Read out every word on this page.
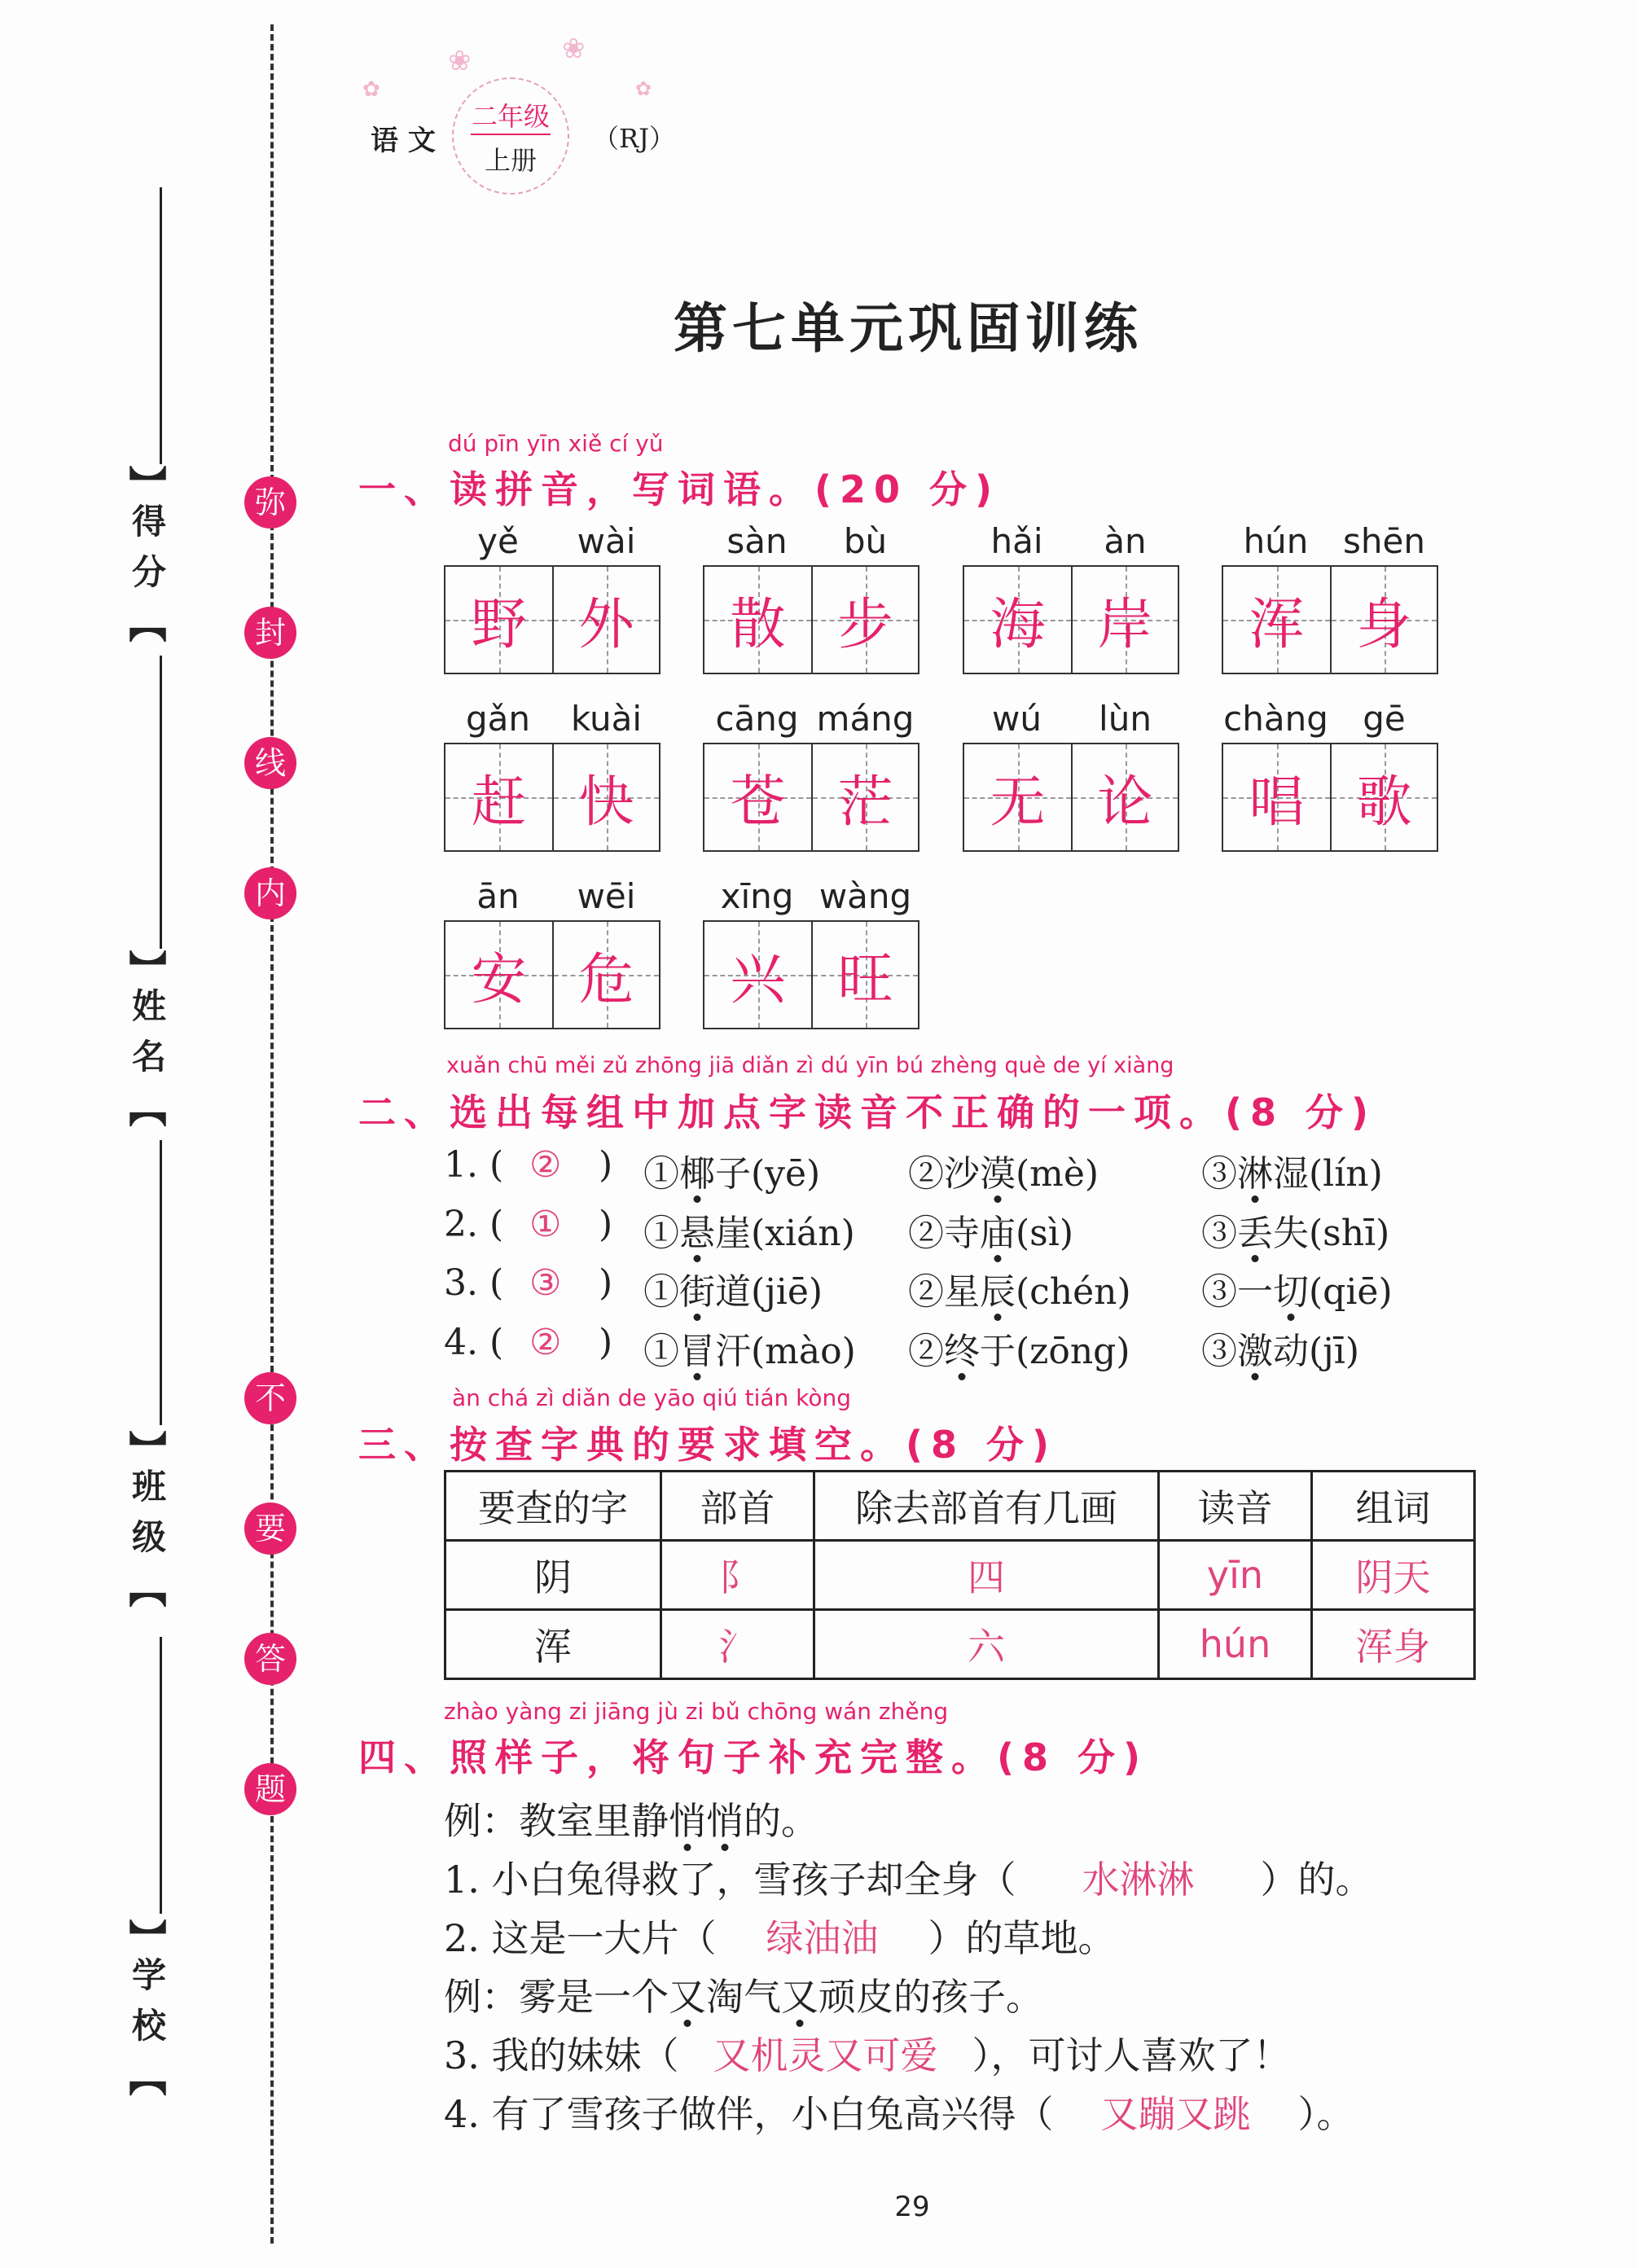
弥
封
线
内
不
要
答
题
】
得分
【
】
姓名
【
】
班级
【
】
学校
【
❀	❀
✿	✿
语 文
二年级
上册
（RJ）
第七单元巩固训练
dú pīn yīn xiě cí yǔ
一、读拼音，写词语。(20 分)
yě	wài
野 外
sàn	bù
散 步
hǎi	àn
海 岸
hún	shēn
浑 身
gǎn	kuài
赶 快
cāng máng
苍 茫
wú	lùn
无 论
chàng	gē
唱 歌
ān	wēi
安 危
xīng wàng
兴 旺
xuǎn chū měi zǔ zhōng jiā diǎn zì dú yīn bú zhèng què de yí xiàng
二、选出每组中加点字读音不正确的一项。(8 分)
1. ( ② ) ①椰子(yē) ②沙漠(mè)	③淋湿(lín)
2. ( ① ) ①悬崖(xián) ②寺庙(sì)	③丢失(shī)
3. ( ③ ) ①街道(jiē) ②星辰(chén) ③一切(qiē)
4. ( ② ) ①冒汗(mào) ②终于(zōng) ③激动(jī)
àn chá zì diǎn de yāo qiú tián kòng
三、按查字典的要求填空。(8 分)
要查的字	部首	除去部首有几画	读音	组词
阴	阝	四	yīn	阴天
浑	氵	六	hún	浑身
zhào yàng zi jiāng jù zi bǔ chōng wán zhěng
四、照样子，将句子补充完整。(8 分)
例：教室里静悄悄的。
1. 小白兔得救了，雪孩子却全身（ 水淋淋 ）的。
2. 这是一大片（ 绿油油 ）的草地。
例：雾是一个又淘气又顽皮的孩子。
3. 我的妹妹（ 又机灵又可爱 ），可讨人喜欢了！
4. 有了雪孩子做伴，小白兔高兴得（ 又蹦又跳 ）。
29
